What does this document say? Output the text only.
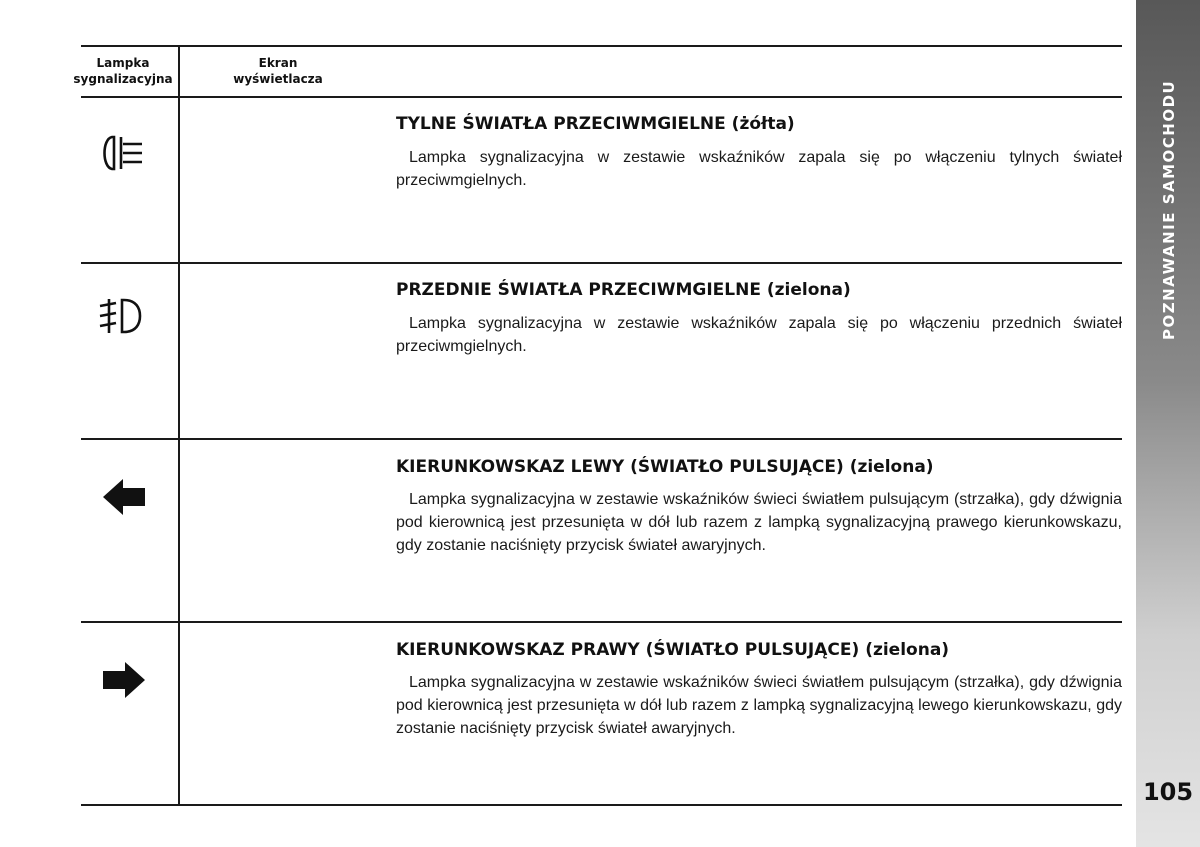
Lampka sygnalizacyjna
Ekran wyświetlacza
TYLNE ŚWIATŁA PRZECIWMGIELNE (żółta)
Lampka sygnalizacyjna w zestawie wskaźników zapala się po włączeniu tylnych świateł przeciwmgielnych.
PRZEDNIE ŚWIATŁA PRZECIWMGIELNE (zielona)
Lampka sygnalizacyjna w zestawie wskaźników zapala się po włączeniu przednich świateł przeciwmgielnych.
KIERUNKOWSKAZ LEWY (ŚWIATŁO PULSUJĄCE) (zielona)
Lampka sygnalizacyjna w zestawie wskaźników świeci światłem pulsującym (strzałka), gdy dźwignia pod kierownicą jest przesunięta w dół lub razem z lampką sygnalizacyjną prawego kierunkowskazu, gdy zostanie naciśnięty przycisk świateł awaryjnych.
KIERUNKOWSKAZ PRAWY (ŚWIATŁO PULSUJĄCE) (zielona)
Lampka sygnalizacyjna w zestawie wskaźników świeci światłem pulsującym (strzałka), gdy dźwignia pod kierownicą jest przesunięta w dół lub razem z lampką sygnalizacyjną lewego kierunkowskazu, gdy zostanie naciśnięty przycisk świateł awaryjnych.
POZNAWANIE SAMOCHODU
105
